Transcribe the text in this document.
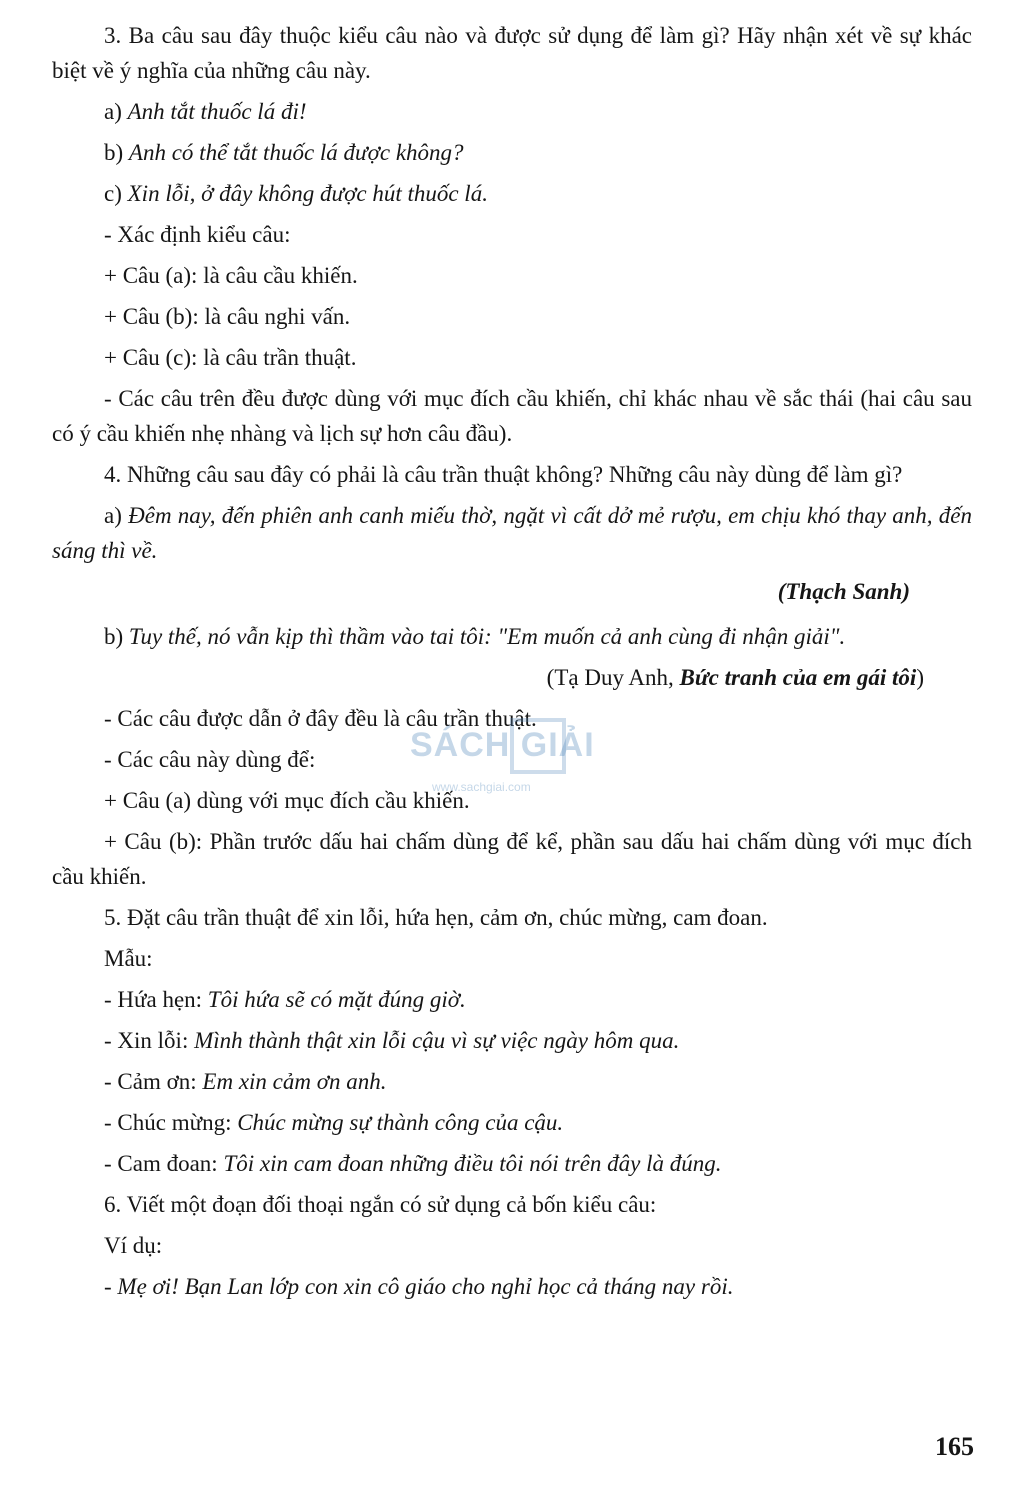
3. Ba câu sau đây thuộc kiểu câu nào và được sử dụng để làm gì? Hãy nhận xét về sự khác biệt về ý nghĩa của những câu này.

a) Anh tắt thuốc lá đi!

b) Anh có thể tắt thuốc lá được không?

c) Xin lỗi, ở đây không được hút thuốc lá.

- Xác định kiểu câu:

+ Câu (a): là câu cầu khiến.

+ Câu (b): là câu nghi vấn.

+ Câu (c): là câu trần thuật.

- Các câu trên đều được dùng với mục đích cầu khiến, chỉ khác nhau về sắc thái (hai câu sau có ý cầu khiến nhẹ nhàng và lịch sự hơn câu đầu).

4. Những câu sau đây có phải là câu trần thuật không? Những câu này dùng để làm gì?

a) Đêm nay, đến phiên anh canh miếu thờ, ngặt vì cất dở mẻ rượu, em chịu khó thay anh, đến sáng thì về.

(Thạch Sanh)

b) Tuy thế, nó vẫn kịp thì thầm vào tai tôi: "Em muốn cả anh cùng đi nhận giải".

(Tạ Duy Anh, Bức tranh của em gái tôi)

- Các câu được dẫn ở đây đều là câu trần thuật.

- Các câu này dùng để:

+ Câu (a) dùng với mục đích cầu khiến.

+ Câu (b): Phần trước dấu hai chấm dùng để kể, phần sau dấu hai chấm dùng với mục đích cầu khiến.

5. Đặt câu trần thuật để xin lỗi, hứa hẹn, cảm ơn, chúc mừng, cam đoan.

Mẫu:

- Hứa hẹn: Tôi hứa sẽ có mặt đúng giờ.

- Xin lỗi: Mình thành thật xin lỗi cậu vì sự việc ngày hôm qua.

- Cảm ơn: Em xin cảm ơn anh.

- Chúc mừng: Chúc mừng sự thành công của cậu.

- Cam đoan: Tôi xin cam đoan những điều tôi nói trên đây là đúng.

6. Viết một đoạn đối thoại ngắn có sử dụng cả bốn kiểu câu:

Ví dụ:

- Mẹ ơi! Bạn Lan lớp con xin cô giáo cho nghỉ học cả tháng nay rồi.

SÁCH GIẢI
www.sachgiai.com
165
